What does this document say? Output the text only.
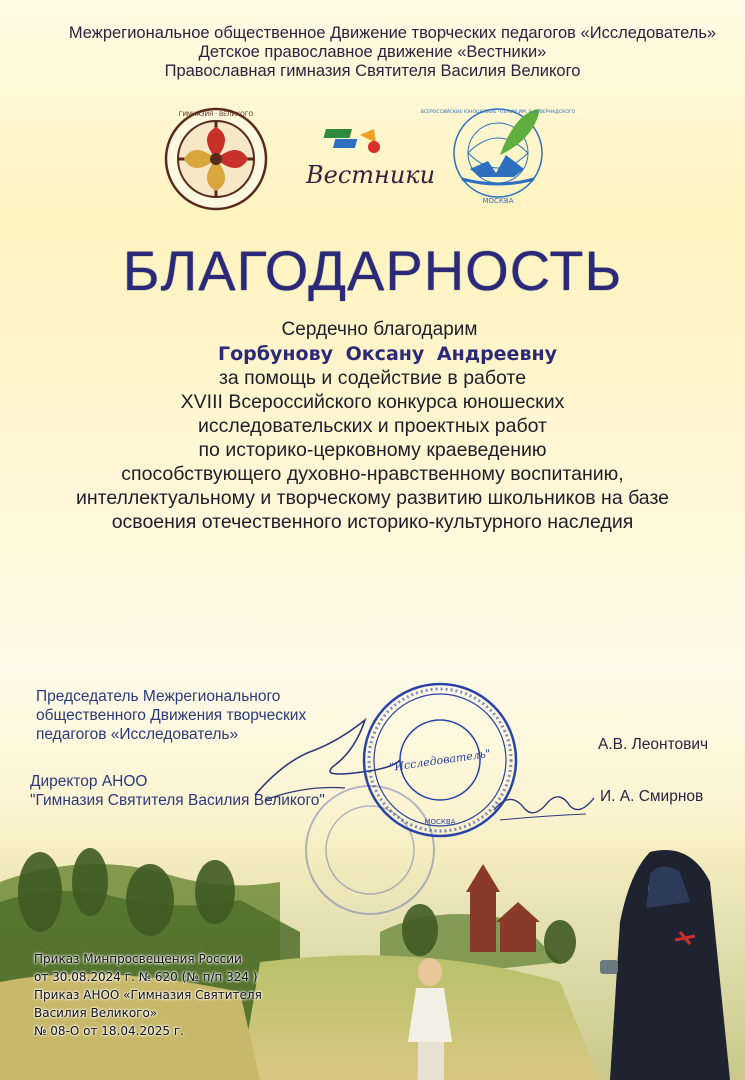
Межрегиональное общественное Движение творческих педагогов «Исследователь»
Детское православное движение «Вестники»
Православная гимназия Святителя Василия Великого
ГИМНАЗИЯ · ВЕЛИКОГО
Вестники
МОСКВА
ВСЕРОССИЙСКИЕ ЮНОШЕСКИЕ ЧТЕНИЯ ИМ. В.И. ВЕРНАДСКОГО
БЛАГОДАРНОСТЬ
Сердечно благодарим
Горбунову Оксану Андреевну
за помощь и содействие в работе
XVIII Всероссийского конкурса юношеских
исследовательских и проектных работ
по историко-церковному краеведению
способствующего духовно-нравственному воспитанию,
интеллектуальному и творческому развитию школьников на базе
освоения отечественного историко-культурного наследия
Председатель Межрегионального
общественного Движения творческих
педагогов «Исследователь»
Директор АНОО
"Гимназия Святителя Василия Великого"
А.В. Леонтович
И. А. Смирнов
"Исследователь"
МОСКВА
Приказ Минпросвещения России
от 30.08.2024 г. № 620 (№ п/п 324 )
Приказ АНОО «Гимназия Святителя
Василия Великого»
№ 08-О от 18.04.2025 г.
